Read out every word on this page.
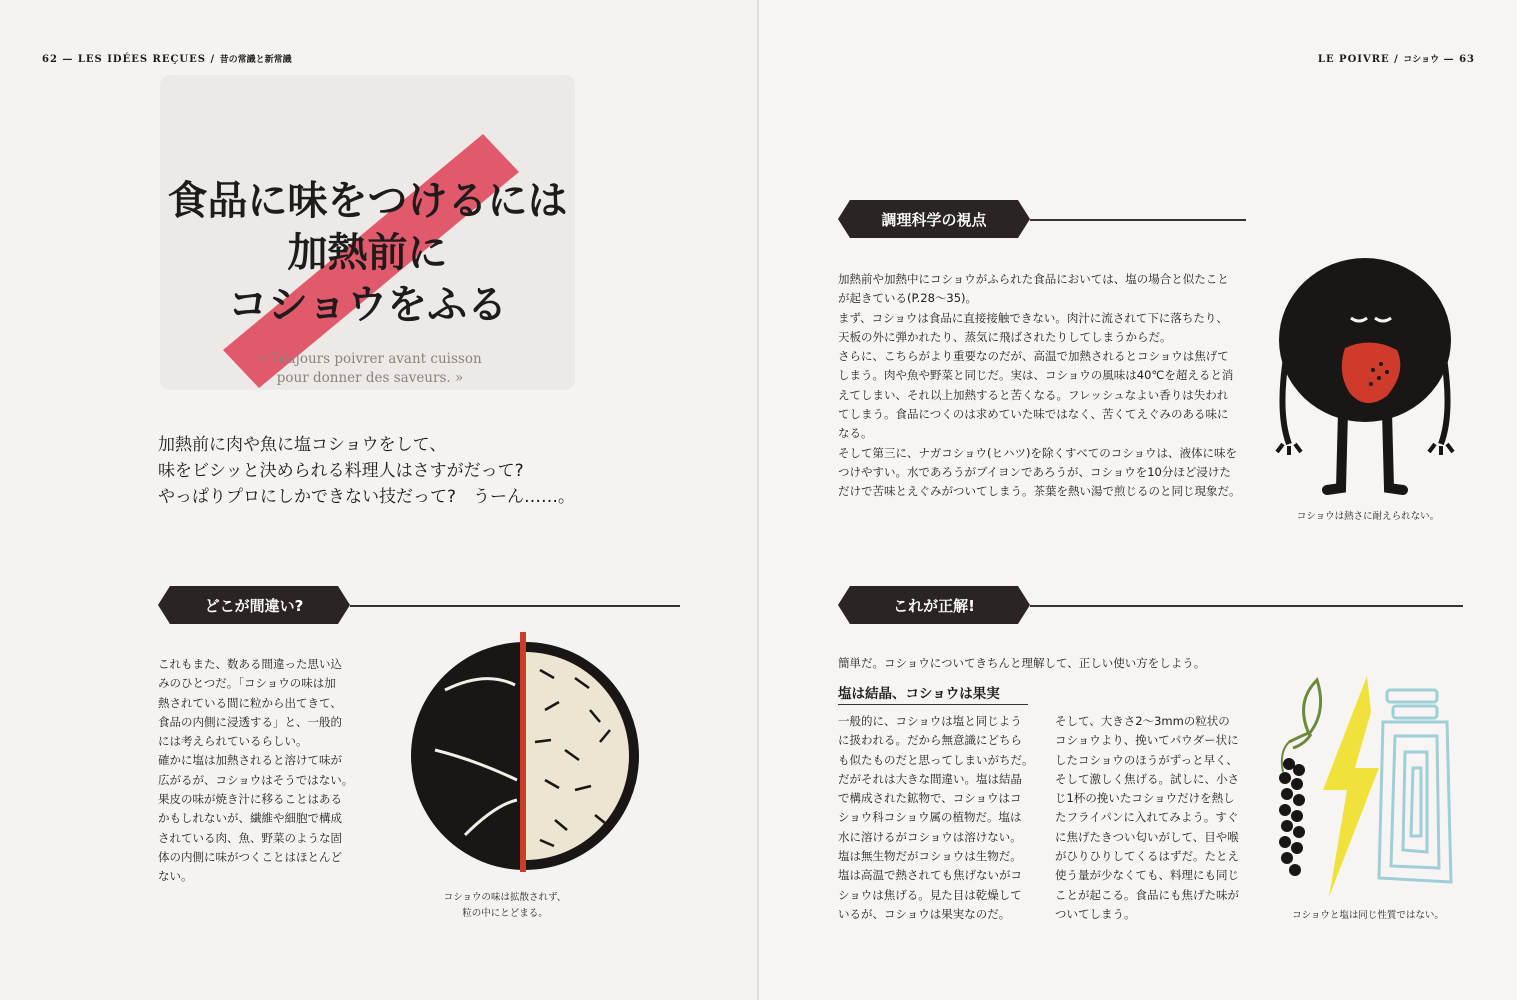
62 — LES IDÉES REÇUES / 昔の常識と新常識
食品に味をつけるには
加熱前に
コショウをふる
« Toujours poivrer avant cuisson
pour donner des saveurs. »
加熱前に肉や魚に塩コショウをして、
味をビシッと決められる料理人はさすがだって?
やっぱりプロにしかできない技だって?　うーん……。
どこが間違い?
これもまた、数ある間違った思い込
みのひとつだ。「コショウの味は加
熱されている間に粒から出てきて、
食品の内側に浸透する」と、一般的
には考えられているらしい。
確かに塩は加熱されると溶けて味が
広がるが、コショウはそうではない。
果皮の味が焼き汁に移ることはある
かもしれないが、繊維や細胞で構成
されている肉、魚、野菜のような固
体の内側に味がつくことはほとんど
ない。
コショウの味は拡散されず、
粒の中にとどまる。
LE POIVRE / コショウ — 63
調理科学の視点
加熱前や加熱中にコショウがふられた食品においては、塩の場合と似たこと
が起きている(P.28〜35)。
まず、コショウは食品に直接接触できない。肉汁に流されて下に落ちたり、
天板の外に弾かれたり、蒸気に飛ばされたりしてしまうからだ。
さらに、こちらがより重要なのだが、高温で加熱されるとコショウは焦げて
しまう。肉や魚や野菜と同じだ。実は、コショウの風味は40℃を超えると消
えてしまい、それ以上加熱すると苦くなる。フレッシュなよい香りは失われ
てしまう。食品につくのは求めていた味ではなく、苦くてえぐみのある味に
なる。
そして第三に、ナガコショウ(ヒハツ)を除くすべてのコショウは、液体に味を
つけやすい。水であろうがブイヨンであろうが、コショウを10分ほど浸けた
だけで苦味とえぐみがついてしまう。茶葉を熱い湯で煎じるのと同じ現象だ。
コショウは熱さに耐えられない。
これが正解!
簡単だ。コショウについてきちんと理解して、正しい使い方をしよう。
塩は結晶、コショウは果実
一般的に、コショウは塩と同じよう
に扱われる。だから無意識にどちら
も似たものだと思ってしまいがちだ。
だがそれは大きな間違い。塩は結晶
で構成された鉱物で、コショウはコ
ショウ科コショウ属の植物だ。塩は
水に溶けるがコショウは溶けない。
塩は無生物だがコショウは生物だ。
塩は高温で熱されても焦げないがコ
ショウは焦げる。見た目は乾燥して
いるが、コショウは果実なのだ。
そして、大きさ2〜3mmの粒状の
コショウより、挽いてパウダー状に
したコショウのほうがずっと早く、
そして激しく焦げる。試しに、小さ
じ1杯の挽いたコショウだけを熱し
たフライパンに入れてみよう。すぐ
に焦げたきつい匂いがして、目や喉
がひりひりしてくるはずだ。たとえ
使う量が少なくても、料理にも同じ
ことが起こる。食品にも焦げた味が
ついてしまう。	コショウと塩は同じ性質ではない。
